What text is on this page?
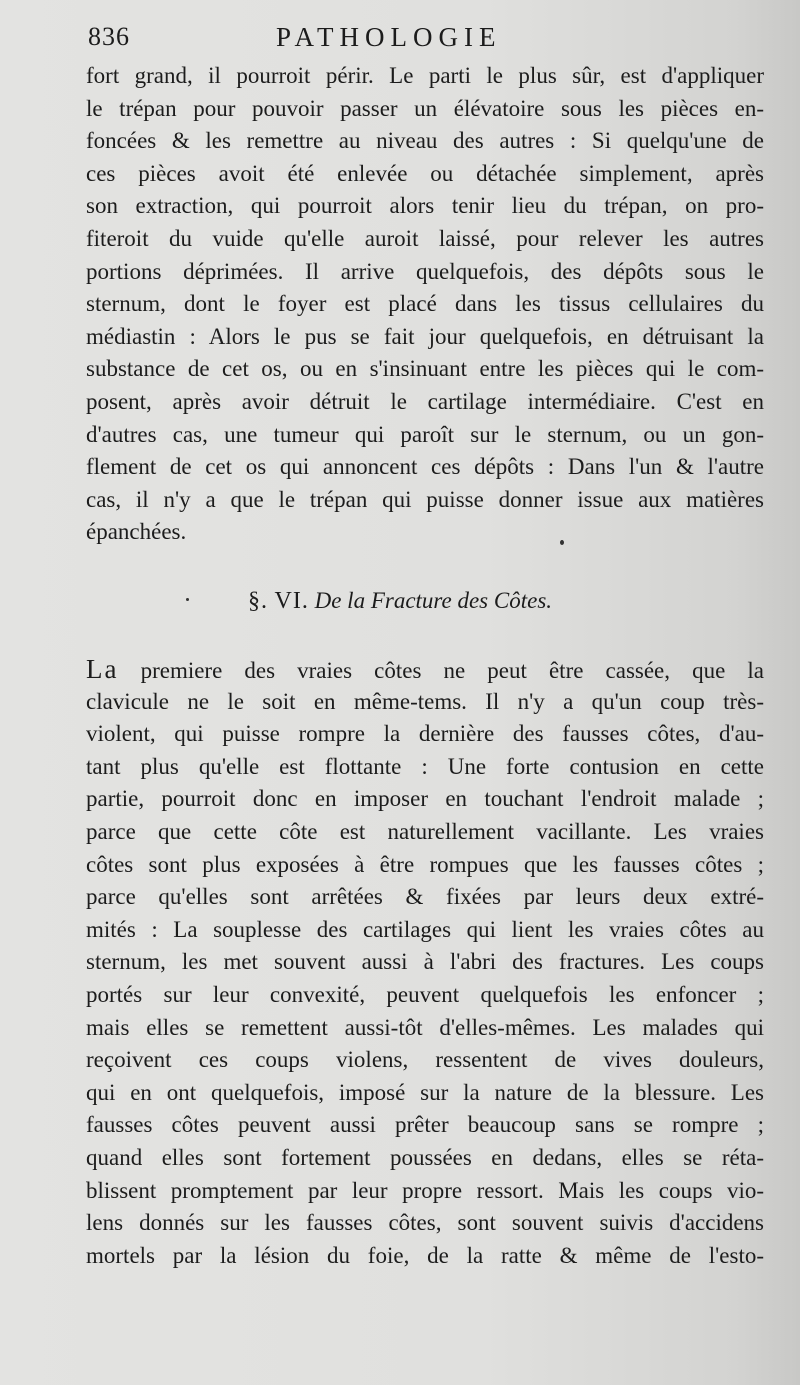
836	PATHOLOGIE
fort grand, il pourroit périr. Le parti le plus sûr, est d'appliquer
le trépan pour pouvoir passer un élévatoire sous les pièces en-
foncées & les remettre au niveau des autres : Si quelqu'une de
ces pièces avoit été enlevée ou détachée simplement, après
son extraction, qui pourroit alors tenir lieu du trépan, on pro-
fiteroit du vuide qu'elle auroit laissé, pour relever les autres
portions déprimées. Il arrive quelquefois, des dépôts sous le
sternum, dont le foyer est placé dans les tissus cellulaires du
médiastin : Alors le pus se fait jour quelquefois, en détruisant la
substance de cet os, ou en s'insinuant entre les pièces qui le com-
posent, après avoir détruit le cartilage intermédiaire. C'est en
d'autres cas, une tumeur qui paroît sur le sternum, ou un gon-
flement de cet os qui annoncent ces dépôts : Dans l'un & l'autre
cas, il n'y a que le trépan qui puisse donner issue aux matières
épanchées.
§. VI. De la Fracture des Côtes.
La premiere des vraies côtes ne peut être cassée, que la
clavicule ne le soit en même-tems. Il n'y a qu'un coup très-
violent, qui puisse rompre la dernière des fausses côtes, d'au-
tant plus qu'elle est flottante : Une forte contusion en cette
partie, pourroit donc en imposer en touchant l'endroit malade ;
parce que cette côte est naturellement vacillante. Les vraies
côtes sont plus exposées à être rompues que les fausses côtes ;
parce qu'elles sont arrêtées & fixées par leurs deux extré-
mités : La souplesse des cartilages qui lient les vraies côtes au
sternum, les met souvent aussi à l'abri des fractures. Les coups
portés sur leur convexité, peuvent quelquefois les enfoncer ;
mais elles se remettent aussi-tôt d'elles-mêmes. Les malades qui
reçoivent ces coups violens, ressentent de vives douleurs,
qui en ont quelquefois, imposé sur la nature de la blessure. Les
fausses côtes peuvent aussi prêter beaucoup sans se rompre ;
quand elles sont fortement poussées en dedans, elles se réta-
blissent promptement par leur propre ressort. Mais les coups vio-
lens donnés sur les fausses côtes, sont souvent suivis d'accidens
mortels par la lésion du foie, de la ratte & même de l'esto-
